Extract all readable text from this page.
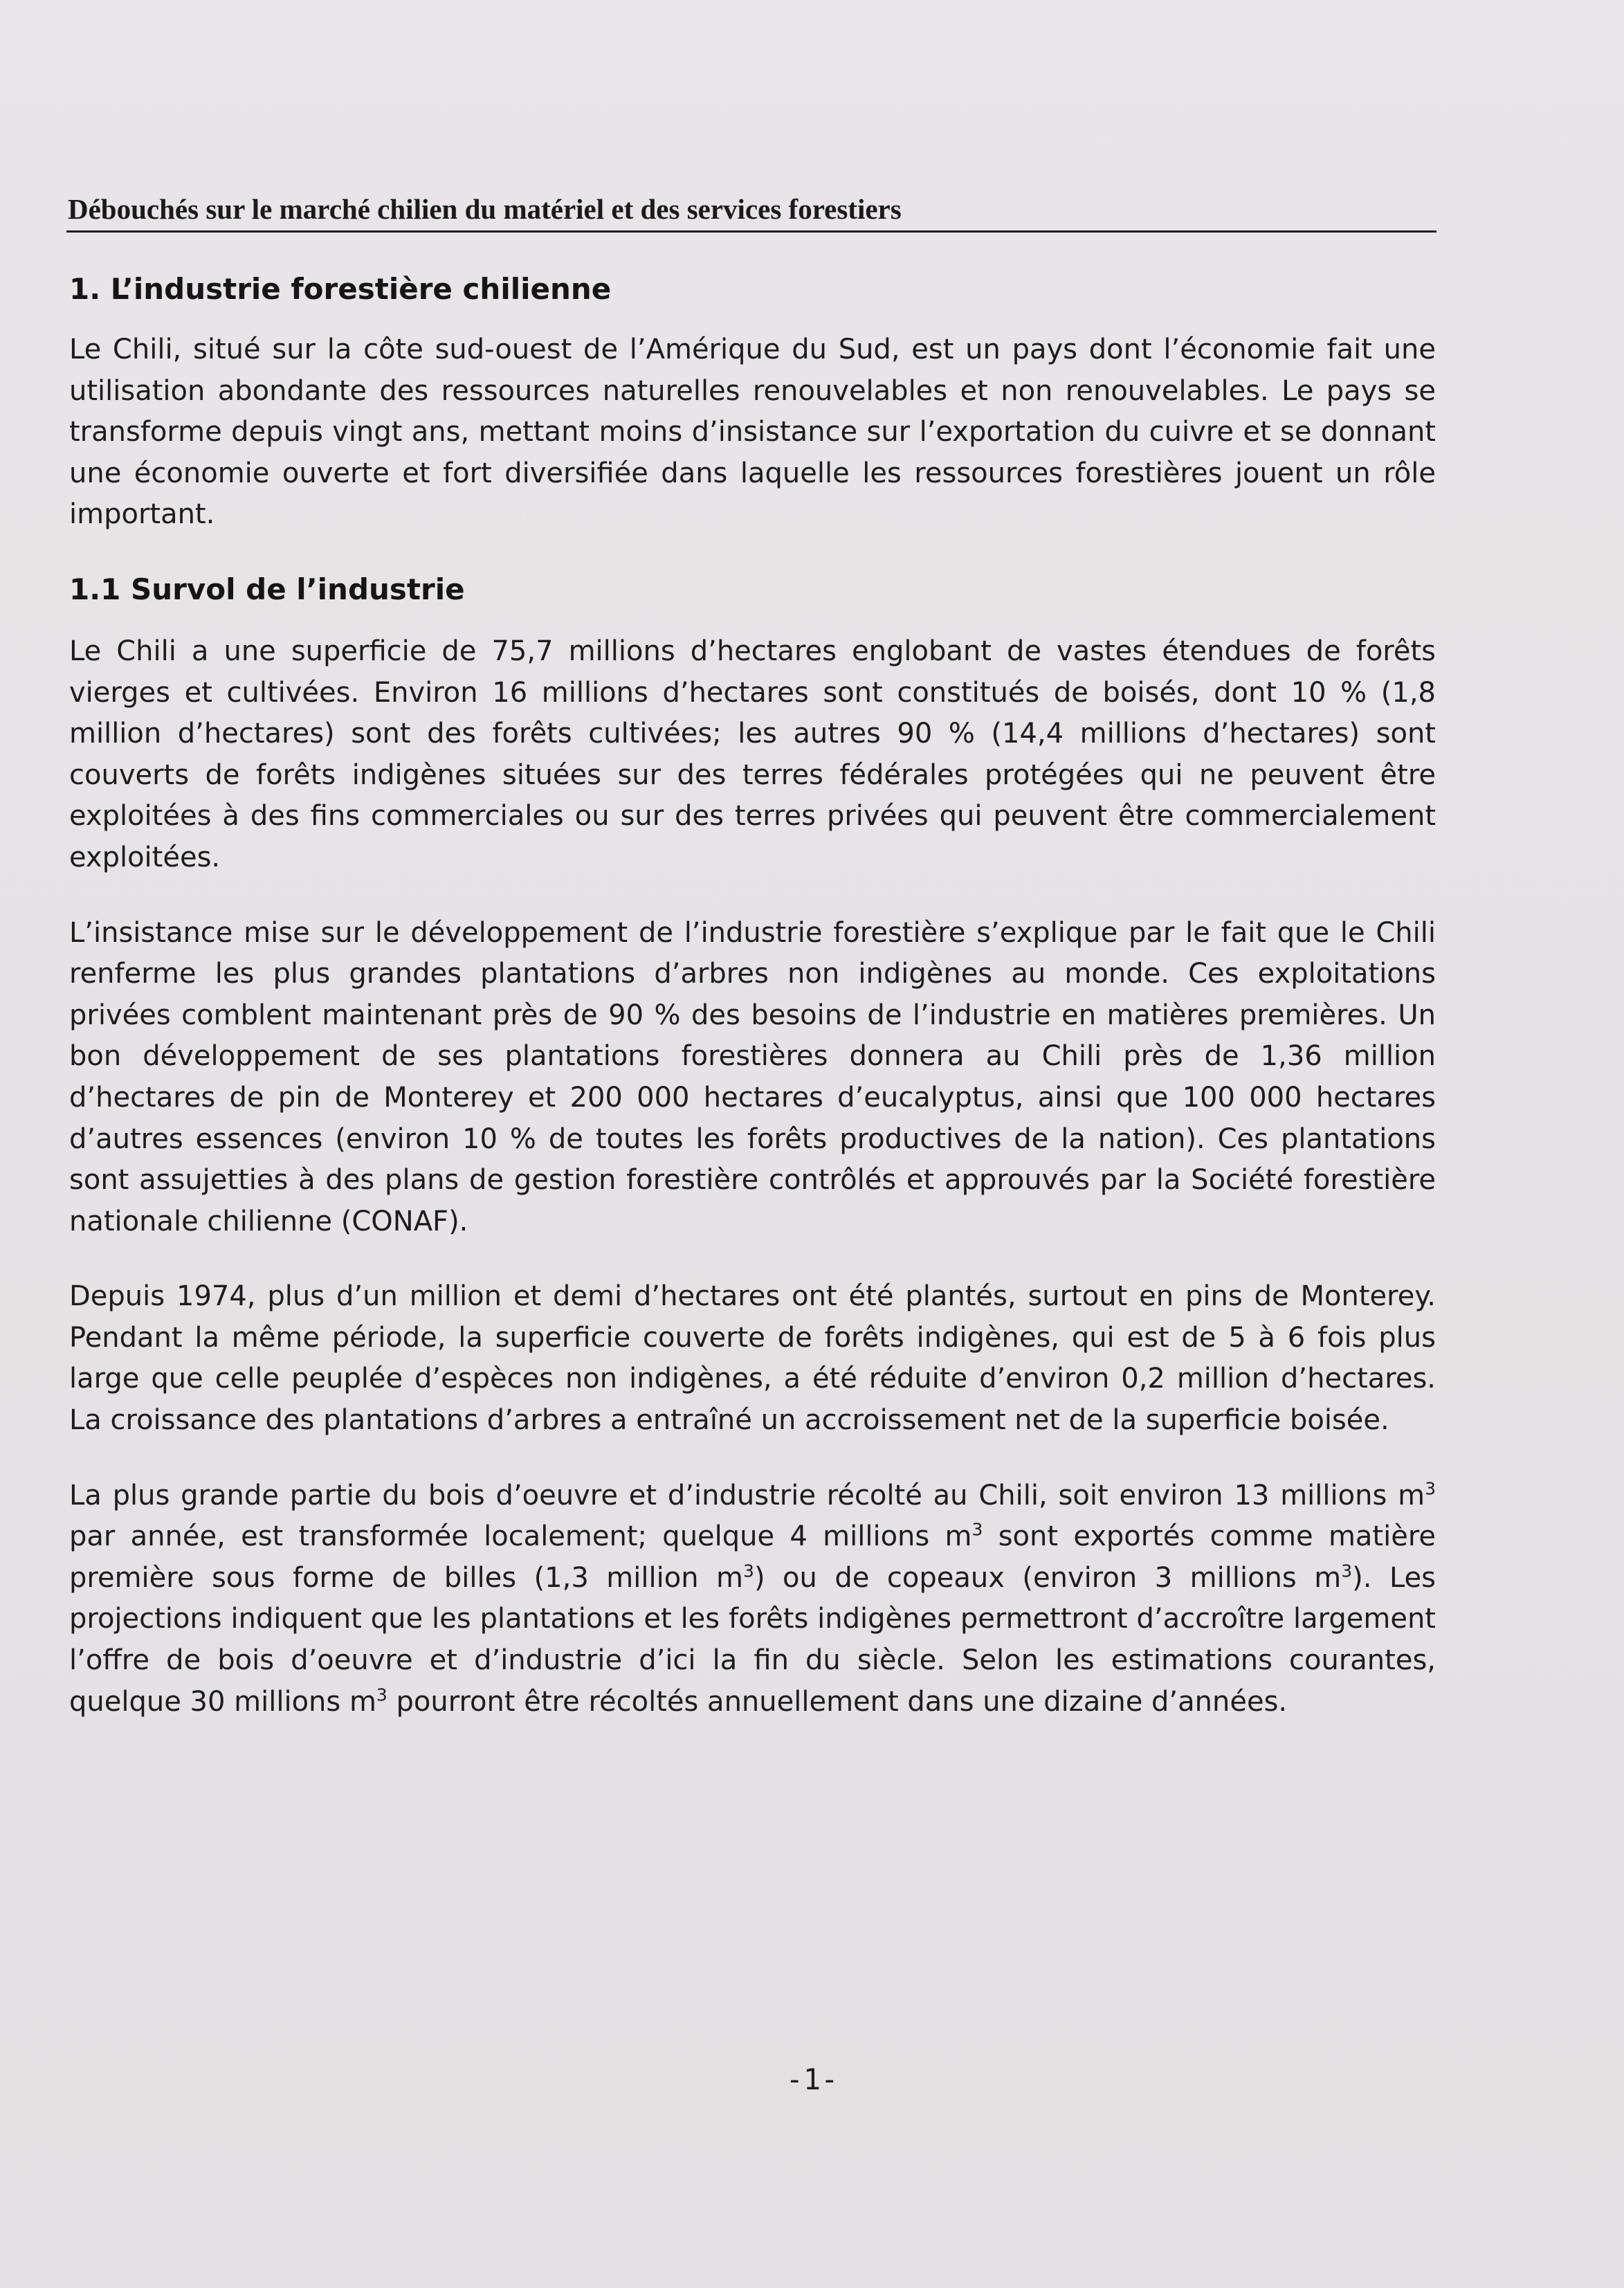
Débouchés sur le marché chilien du matériel et des services forestiers
1. L’industrie forestière chilienne

Le Chili, situé sur la côte sud-ouest de l’Amérique du Sud, est un pays dont l’économie fait une utilisation abondante des ressources naturelles renouvelables et non renouvelables. Le pays se transforme depuis vingt ans, mettant moins d’insistance sur l’exportation du cuivre et se donnant une économie ouverte et fort diversifiée dans laquelle les ressources forestières jouent un rôle important.

1.1 Survol de l’industrie

Le Chili a une superficie de 75,7 millions d’hectares englobant de vastes étendues de forêts vierges et cultivées. Environ 16 millions d’hectares sont constitués de boisés, dont 10 % (1,8 million d’hectares) sont des forêts cultivées; les autres 90 % (14,4 millions d’hectares) sont couverts de forêts indigènes situées sur des terres fédérales protégées qui ne peuvent être exploitées à des fins commerciales ou sur des terres privées qui peuvent être commercialement exploitées.

L’insistance mise sur le développement de l’industrie forestière s’explique par le fait que le Chili renferme les plus grandes plantations d’arbres non indigènes au monde. Ces exploitations privées comblent maintenant près de 90 % des besoins de l’industrie en matières premières. Un bon développement de ses plantations forestières donnera au Chili près de 1,36 million d’hectares de pin de Monterey et 200 000 hectares d’eucalyptus, ainsi que 100 000 hectares d’autres essences (environ 10 % de toutes les forêts productives de la nation). Ces plantations sont assujetties à des plans de gestion forestière contrôlés et approuvés par la Société forestière nationale chilienne (CONAF).

Depuis 1974, plus d’un million et demi d’hectares ont été plantés, surtout en pins de Monterey. Pendant la même période, la superficie couverte de forêts indigènes, qui est de 5 à 6 fois plus large que celle peuplée d’espèces non indigènes, a été réduite d’environ 0,2 million d’hectares. La croissance des plantations d’arbres a entraîné un accroissement net de la superficie boisée.

La plus grande partie du bois d’oeuvre et d’industrie récolté au Chili, soit environ 13 millions $m^3$ par année, est transformée localement; quelque 4 millions $m^3$ sont exportés comme matière première sous forme de billes (1,3 million $m^3$) ou de copeaux (environ 3 millions $m^3$). Les projections indiquent que les plantations et les forêts indigènes permettront d’accroître largement l’offre de bois d’oeuvre et d’industrie d’ici la fin du siècle. Selon les estimations courantes, quelque 30 millions $m^3$ pourront être récoltés annuellement dans une dizaine d’années.

-1-
